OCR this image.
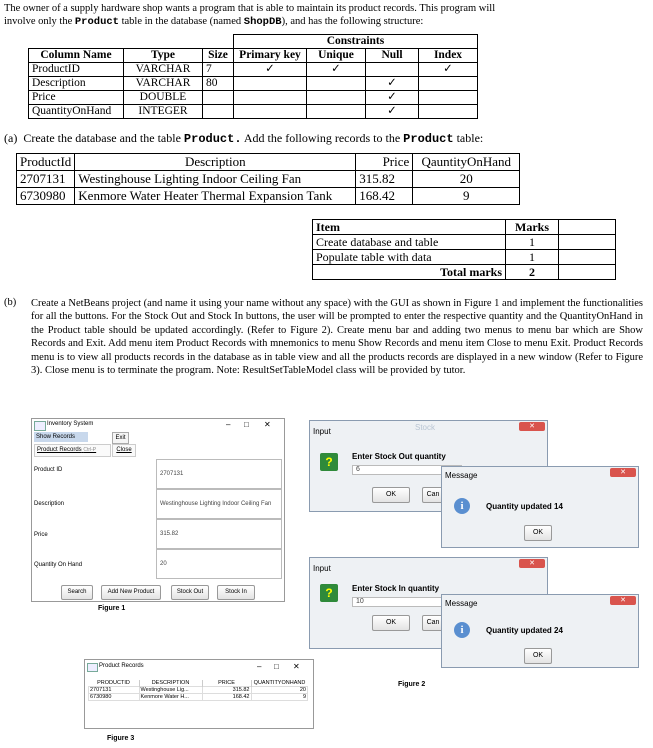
The owner of a supply hardware shop wants a program that is able to maintain its product records. This program will
involve only the Product table in the database (named ShopDB), and has the following structure:
			Constraints			
Column Name	Type	Size	Primary key	Unique	Null	Index
ProductID	VARCHAR	7	✓	✓		✓
Description	VARCHAR	80			✓	
Price	DOUBLE				✓	
QuantityOnHand	INTEGER				✓	
(a) Create the database and the table Product. Add the following records to the Product table:
ProductId	Description	Price	QauntityOnHand
2707131	Westinghouse Lighting Indoor Ceiling Fan	315.82	20
6730980	Kenmore Water Heater Thermal Expansion Tank	168.42	9
Item	Marks	
Create database and table	1	
Populate table with data	1	
Total marks	2	
(b) Create a NetBeans project (and name it using your name without any space) with the GUI as shown in Figure 1 and implement the functionalities for all the buttons. For the Stock Out and Stock In buttons, the user will be prompted to enter the respective quantity and the QuantityOnHand in the Product table should be updated accordingly. (Refer to Figure 2). Create menu bar and adding two menus to menu bar which are Show Records and Exit. Add menu item Product Records with mnemonics to menu Show Records and menu item Close to menu Exit. Product Records menu is to view all products records in the database as in table view and all the products records are displayed in a new window (Refer to Figure 3). Close menu is to terminate the program. Note: ResultSetTableModel class will be provided by tutor.
Inventory System	– □ ✕
Show Records	Exit
Product Records Ctrl-P	Close
Product ID
2707131
Description	Westinghouse Lighting Indoor Ceiling Fan
Price	315.82
Quantity On Hand	20
Search	Add New Product	Stock Out	Stock In
Figure 1
Input	Stock	✕
?	Enter Stock Out quantity
6
OK	Can
Message	✕
i	Quantity updated 14
OK
Input
✕
?	Enter Stock In quantity
10
OK	Can
Message	✕
i	Quantity updated 24
OK
Figure 2
Product Records	– □ ✕
PRODUCTID	DESCRIPTION	PRICE	QUANTITYONHAND
2707131	Westinghouse Lig...	315.82	20
6730980	Kenmore Water H...	168.42	9
Figure 3
